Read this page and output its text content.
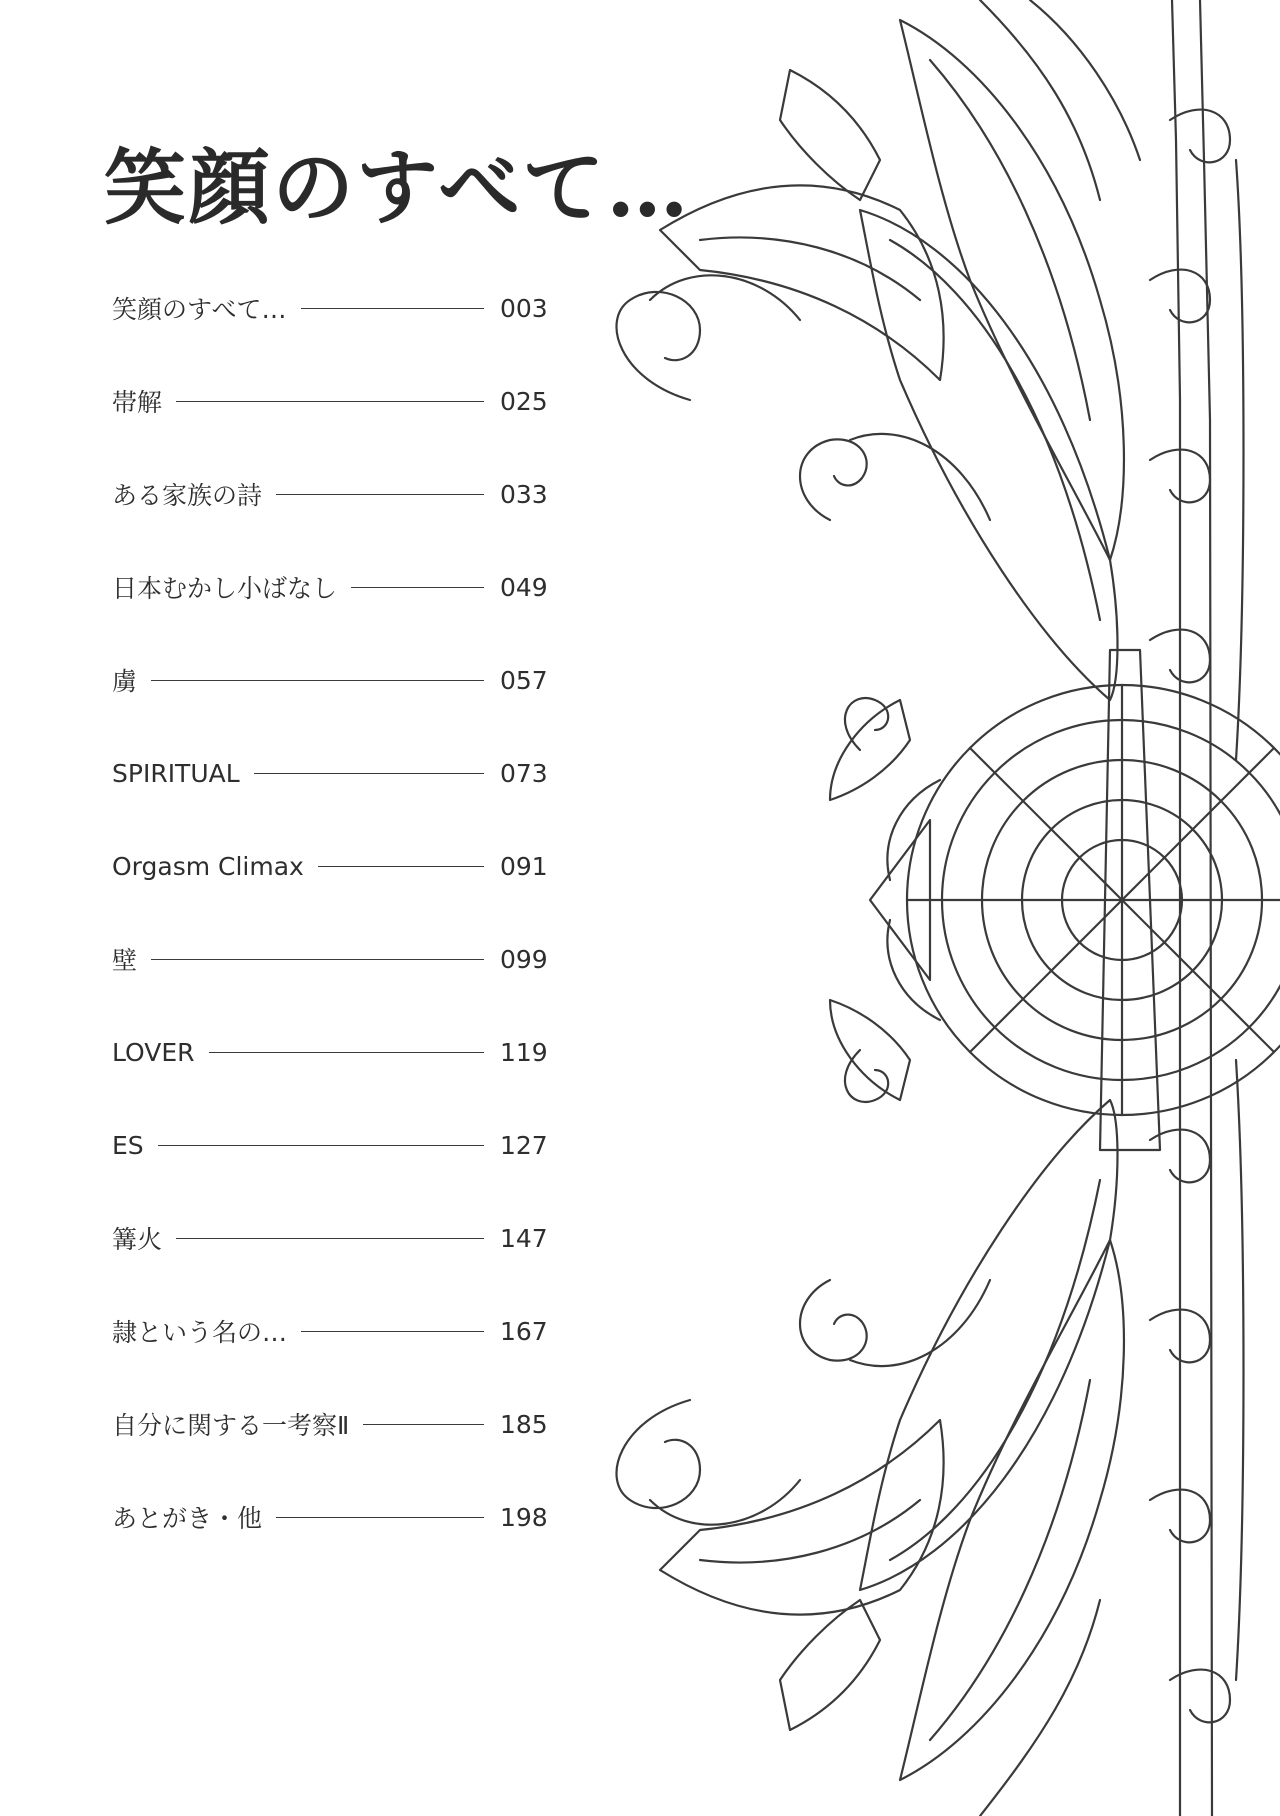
笑顔のすべて…
笑顔のすべて…	003
帯解	025
ある家族の詩	033
日本むかし小ばなし	049
虜	057
SPIRITUAL	073
Orgasm Climax	091
壁	099
LOVER	119
ES	127
篝火	147
隷という名の…	167
自分に関する一考察Ⅱ	185
あとがき・他	198
